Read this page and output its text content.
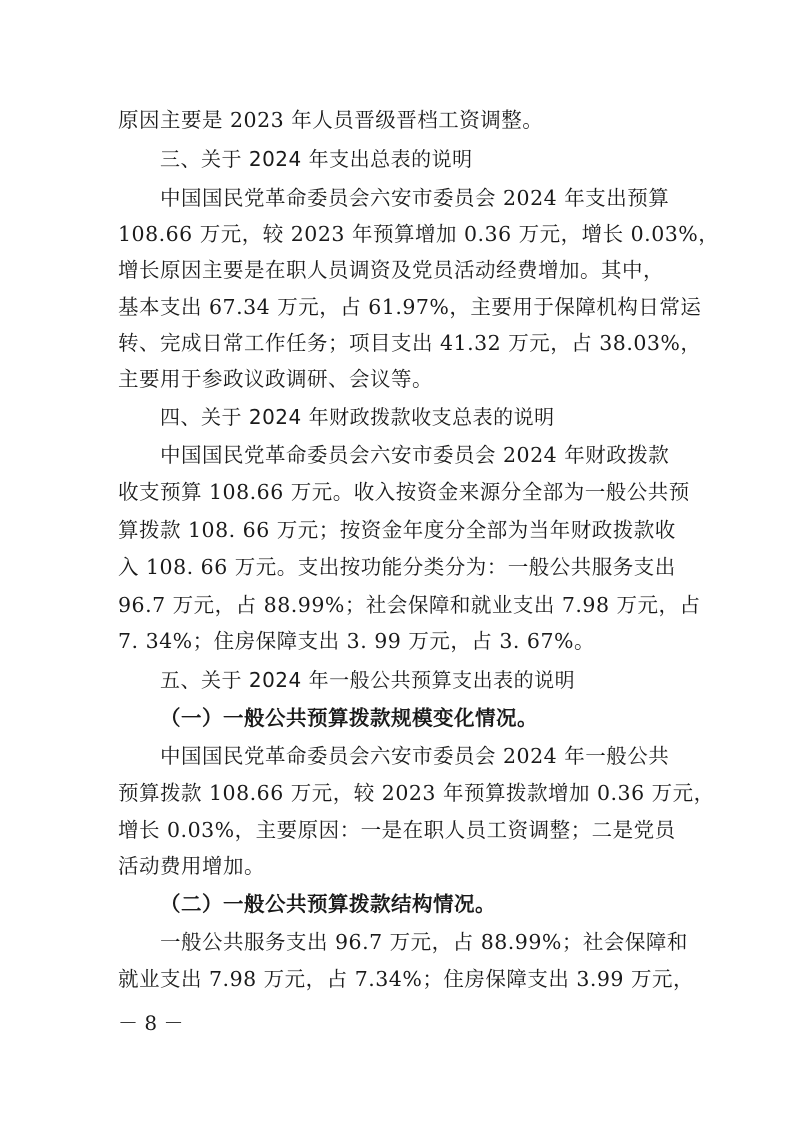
原因主要是 2023 年人员晋级晋档工资调整。
三、关于 2024 年支出总表的说明
中国国民党革命委员会六安市委员会 2024 年支出预算
108.66 万元，较 2023 年预算增加 0.36 万元，增长 0.03%，
增长原因主要是在职人员调资及党员活动经费增加。其中，
基本支出 67.34 万元，占 61.97%，主要用于保障机构日常运
转、完成日常工作任务；项目支出 41.32 万元，占 38.03%，
主要用于参政议政调研、会议等。
四、关于 2024 年财政拨款收支总表的说明
中国国民党革命委员会六安市委员会 2024 年财政拨款
收支预算 108.66 万元。收入按资金来源分全部为一般公共预
算拨款 108. 66 万元；按资金年度分全部为当年财政拨款收
入 108. 66 万元。支出按功能分类分为：一般公共服务支出
96.7 万元，占 88.99%；社会保障和就业支出 7.98 万元，占
7. 34%；住房保障支出 3. 99 万元，占 3. 67%。
五、关于 2024 年一般公共预算支出表的说明
（一）一般公共预算拨款规模变化情况。
中国国民党革命委员会六安市委员会 2024 年一般公共
预算拨款 108.66 万元，较 2023 年预算拨款增加 0.36 万元，
增长 0.03%，主要原因：一是在职人员工资调整；二是党员
活动费用增加。
（二）一般公共预算拨款结构情况。
一般公共服务支出 96.7 万元，占 88.99%；社会保障和
就业支出 7.98 万元，占 7.34%；住房保障支出 3.99 万元，
－ 8 －
